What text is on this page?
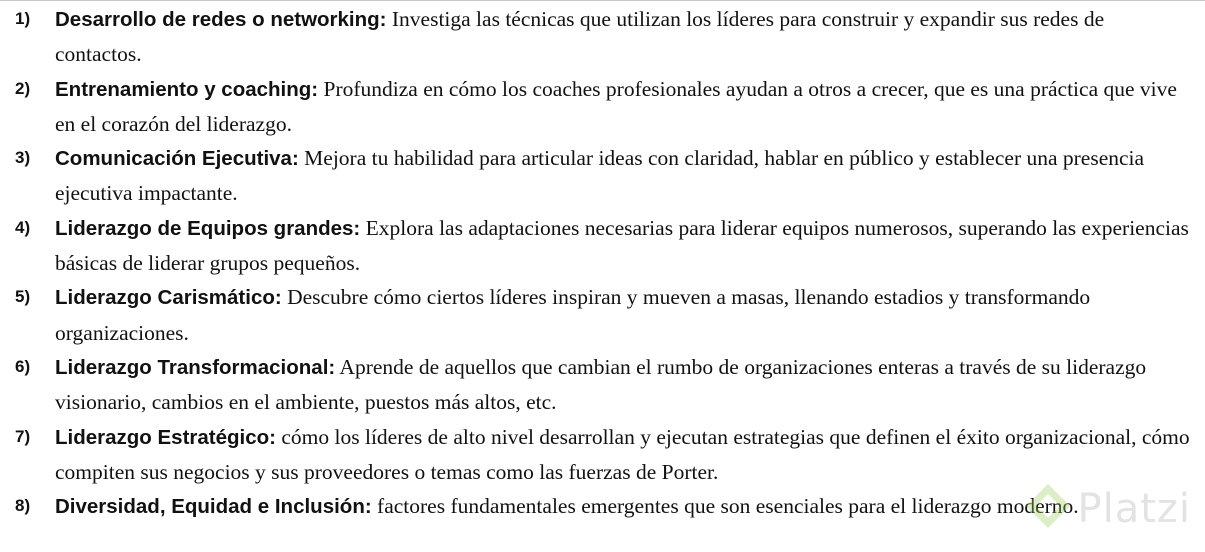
1) Desarrollo de redes o networking: Investiga las técnicas que utilizan los líderes para construir y expandir sus redes de contactos.
2) Entrenamiento y coaching: Profundiza en cómo los coaches profesionales ayudan a otros a crecer, que es una práctica que vive en el corazón del liderazgo.
3) Comunicación Ejecutiva: Mejora tu habilidad para articular ideas con claridad, hablar en público y establecer una presencia ejecutiva impactante.
4) Liderazgo de Equipos grandes: Explora las adaptaciones necesarias para liderar equipos numerosos, superando las experiencias básicas de liderar grupos pequeños.
5) Liderazgo Carismático: Descubre cómo ciertos líderes inspiran y mueven a masas, llenando estadios y transformando organizaciones.
6) Liderazgo Transformacional: Aprende de aquellos que cambian el rumbo de organizaciones enteras a través de su liderazgo visionario, cambios en el ambiente, puestos más altos, etc.
7) Liderazgo Estratégico: cómo los líderes de alto nivel desarrollan y ejecutan estrategias que definen el éxito organizacional, cómo compiten sus negocios y sus proveedores o temas como las fuerzas de Porter.
8) Diversidad, Equidad e Inclusión: factores fundamentales emergentes que son esenciales para el liderazgo moderno.
Platzi
